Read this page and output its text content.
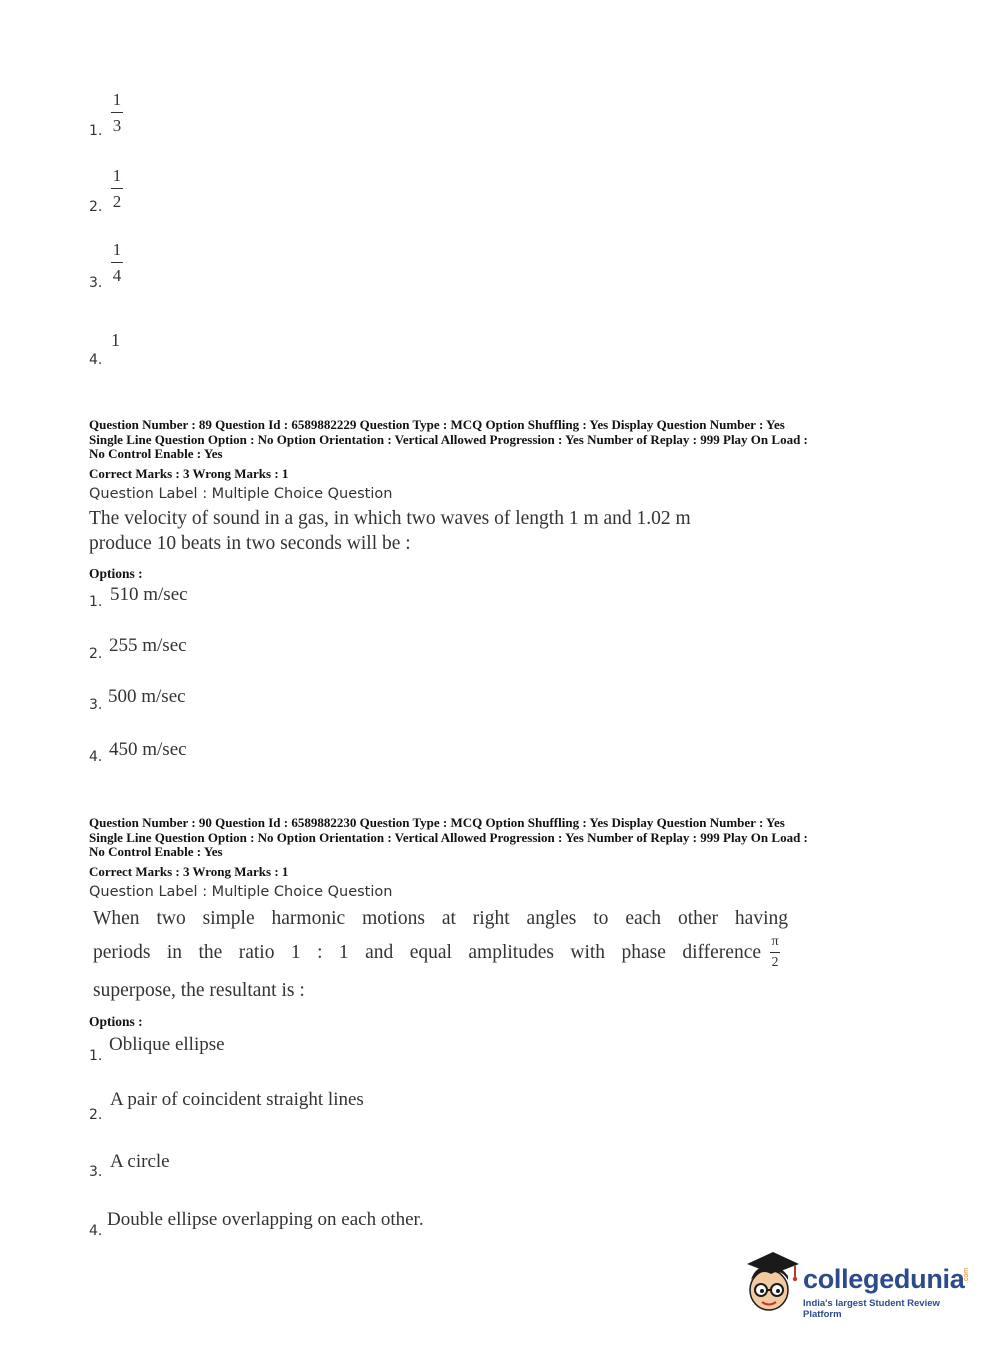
1.
1
3
2.
1
2
3.
1
4
4.
1
Question Number : 89 Question Id : 6589882229 Question Type : MCQ Option Shuffling : Yes Display Question Number : Yes
Single Line Question Option : No Option Orientation : Vertical Allowed Progression : Yes Number of Replay : 999 Play On Load :
No Control Enable : Yes
Correct Marks : 3 Wrong Marks : 1
Question Label : Multiple Choice Question
The velocity of sound in a gas, in which two waves of length 1 m and 1.02 m
produce 10 beats in two seconds will be :
Options :
1. 510 m/sec
2. 255 m/sec
3. 500 m/sec
4. 450 m/sec
Question Number : 90 Question Id : 6589882230 Question Type : MCQ Option Shuffling : Yes Display Question Number : Yes
Single Line Question Option : No Option Orientation : Vertical Allowed Progression : Yes Number of Replay : 999 Play On Load :
No Control Enable : Yes
Correct Marks : 3 Wrong Marks : 1
Question Label : Multiple Choice Question
When two simple harmonic motions at right angles to each other having
periods in the ratio 1 : 1 and equal amplitudes with phase difference
π
2
superpose, the resultant is :
Options :
1.
Oblique ellipse
2.
A pair of coincident straight lines
3. A circle
4.
Double ellipse overlapping on each other.
collegedunia
India's largest Student Review Platform
.com
